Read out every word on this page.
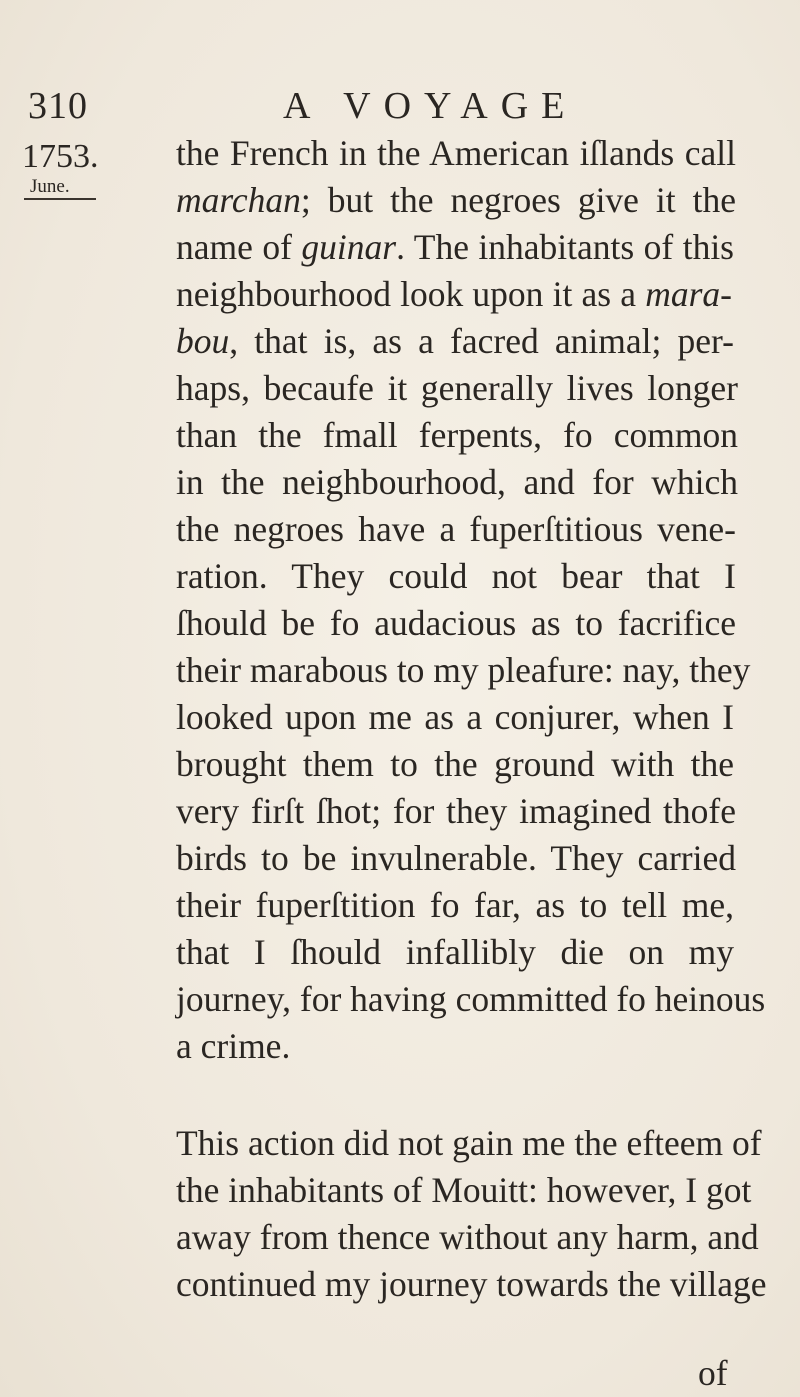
310	A VOYAGE
1753.
June.
the French in the American iſlands call
marchan; but the negroes give it the
name of guinar. The inhabitants of this
neighbourhood look upon it as a mara-
bou, that is, as a facred animal; per-
haps, becaufe it generally lives longer
than the fmall ferpents, fo common
in the neighbourhood, and for which
the negroes have a fuperſtitious vene-
ration. They could not bear that I
ſhould be fo audacious as to facrifice
their marabous to my pleafure: nay, they
looked upon me as a conjurer, when I
brought them to the ground with the
very firſt ſhot; for they imagined thofe
birds to be invulnerable. They carried
their fuperſtition fo far, as to tell me,
that I ſhould infallibly die on my
journey, for having committed fo heinous
a crime.
This action did not gain me the efteem of
the inhabitants of Mouitt: however, I got
away from thence without any harm, and
continued my journey towards the village
of
